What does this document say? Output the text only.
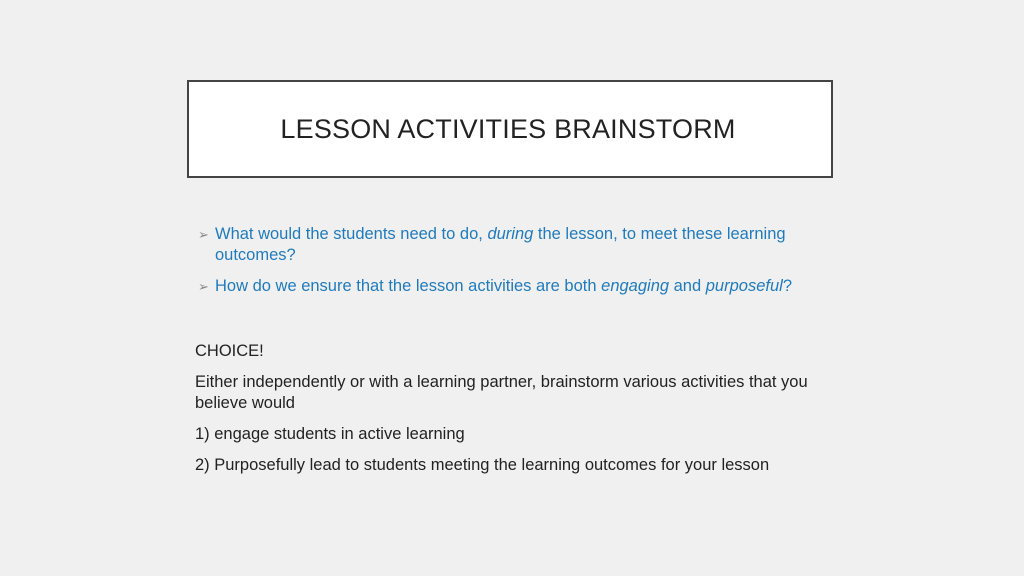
LESSON ACTIVITIES BRAINSTORM
➢ What would the students need to do, during the lesson, to meet these learning outcomes?
➢ How do we ensure that the lesson activities are both engaging and purposeful?

CHOICE!

Either independently or with a learning partner, brainstorm various activities that you believe would

1) engage students in active learning

2) Purposefully lead to students meeting the learning outcomes for your lesson
